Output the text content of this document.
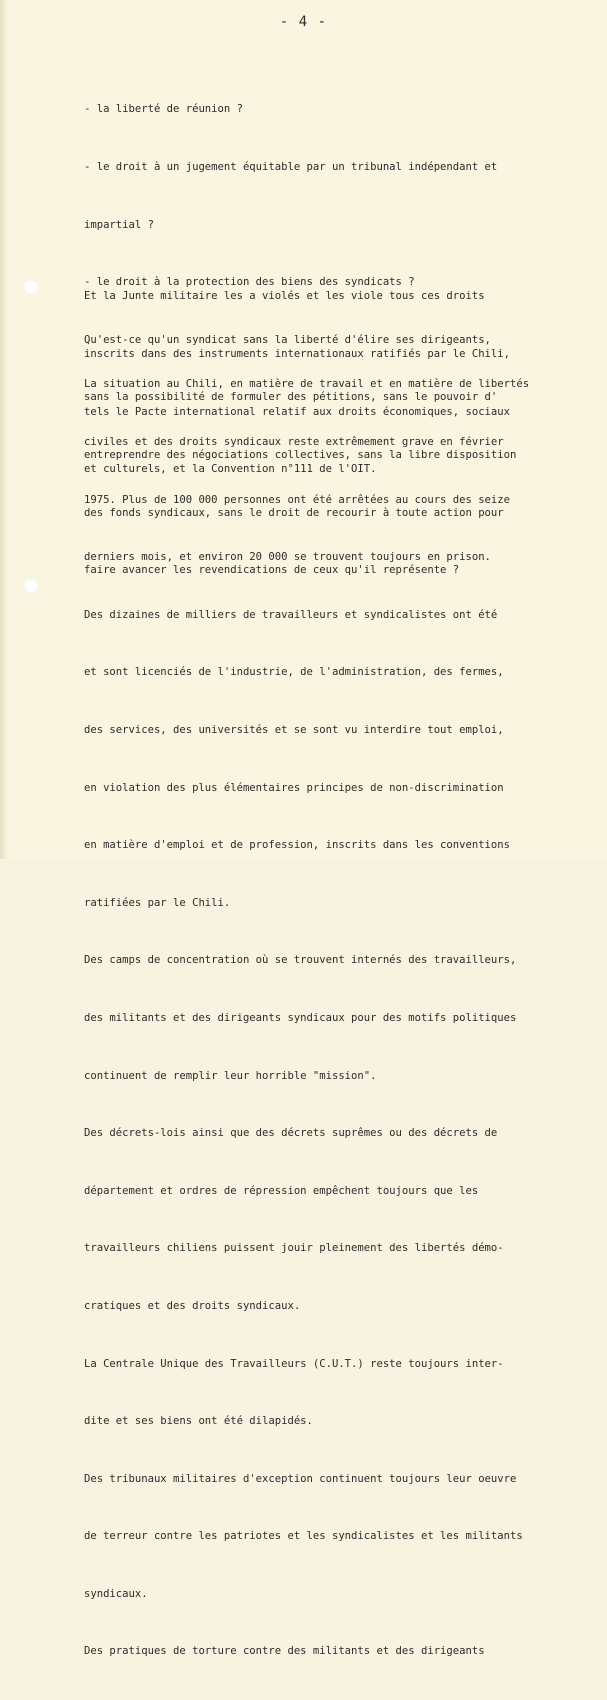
- 4 -

- la liberté de réunion ?

- le droit à un jugement équitable par un tribunal indépendant et

impartial ?

- le droit à la protection des biens des syndicats ?

Qu'est-ce qu'un syndicat sans la liberté d'élire ses dirigeants,

sans la possibilité de formuler des pétitions, sans le pouvoir d'

entreprendre des négociations collectives, sans la libre disposition

des fonds syndicaux, sans le droit de recourir à toute action pour

faire avancer les revendications de ceux qu'il représente ?

Et la Junte militaire les a violés et les viole tous ces droits

inscrits dans des instruments internationaux ratifiés par le Chili,

tels le Pacte international relatif aux droits économiques, sociaux

et culturels, et la Convention n°111 de l'OIT.

La situation au Chili, en matière de travail et en matière de libertés

civiles et des droits syndicaux reste extrêmement grave en février

1975. Plus de 100 000 personnes ont été arrêtées au cours des seize

derniers mois, et environ 20 000 se trouvent toujours en prison.

Des dizaines de milliers de travailleurs et syndicalistes ont été

et sont licenciés de l'industrie, de l'administration, des fermes,

des services, des universités et se sont vu interdire tout emploi,

en violation des plus élémentaires principes de non-discrimination

en matière d'emploi et de profession, inscrits dans les conventions

ratifiées par le Chili.

Des camps de concentration où se trouvent internés des travailleurs,

des militants et des dirigeants syndicaux pour des motifs politiques

continuent de remplir leur horrible "mission".

Des décrets-lois ainsi que des décrets suprêmes ou des décrets de

département et ordres de répression empêchent toujours que les

travailleurs chiliens puissent jouir pleinement des libertés démo-

cratiques et des droits syndicaux.

La Centrale Unique des Travailleurs (C.U.T.) reste toujours inter-

dite et ses biens ont été dilapidés.

Des tribunaux militaires d'exception continuent toujours leur oeuvre

de terreur contre les patriotes et les syndicalistes et les militants

syndicaux.

Des pratiques de torture contre des militants et des dirigeants
